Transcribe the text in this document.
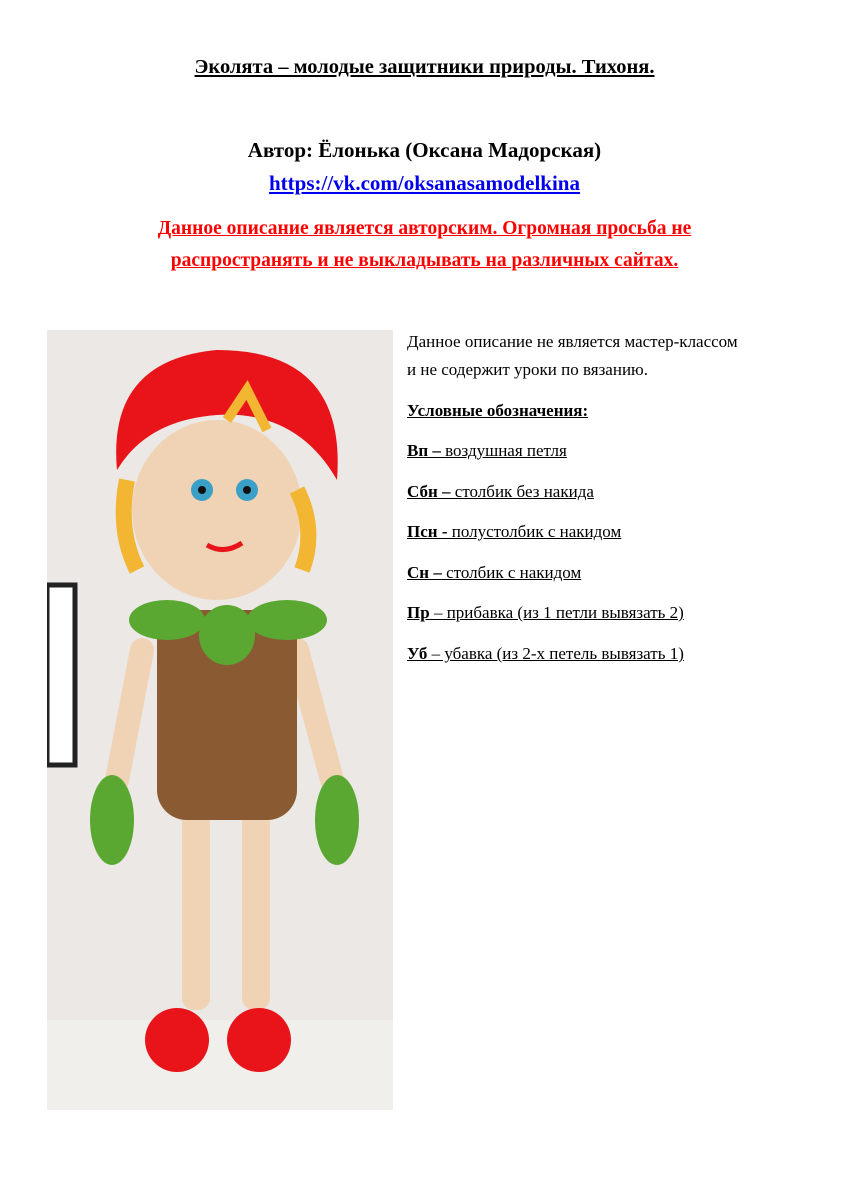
Эколята – молодые защитники природы. Тихоня.
Автор: Ёлонька (Оксана Мадорская)
https://vk.com/oksanasamodelkina
Данное описание является авторским. Огромная просьба не
распространять и не выкладывать на различных сайтах.
Данное описание не является мастер-классом
и не содержит уроки по вязанию.
Условные обозначения:
Вп – воздушная петля
Сбн – столбик без накида
Псн - полустолбик с накидом
Сн – столбик с накидом
Пр – прибавка (из 1 петли вывязать 2)
Уб – убавка (из 2-х петель вывязать 1)
